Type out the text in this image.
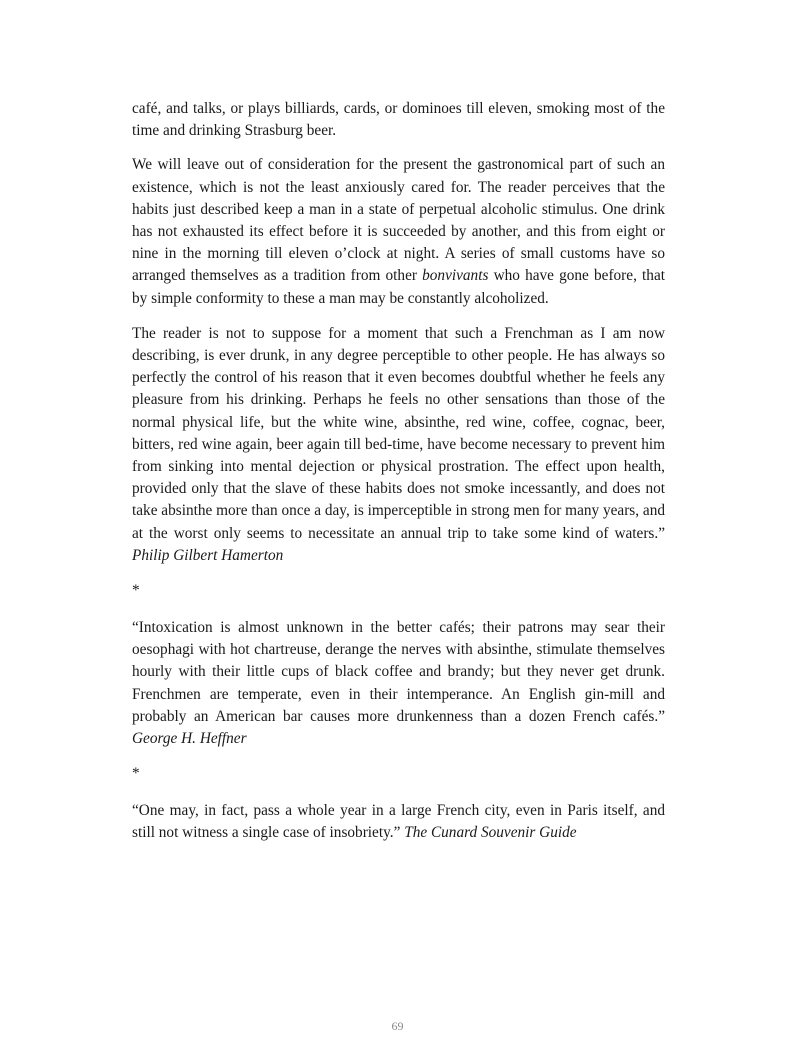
café, and talks, or plays billiards, cards, or dominoes till eleven, smoking most of the time and drinking Strasburg beer.

We will leave out of consideration for the present the gastronomical part of such an existence, which is not the least anxiously cared for. The reader perceives that the habits just described keep a man in a state of perpetual alcoholic stimulus. One drink has not exhausted its effect before it is succeeded by another, and this from eight or nine in the morning till eleven o’clock at night. A series of small customs have so arranged themselves as a tradition from other bonvivants who have gone before, that by simple conformity to these a man may be constantly alcoholized.

The reader is not to suppose for a moment that such a Frenchman as I am now describing, is ever drunk, in any degree perceptible to other people. He has always so perfectly the control of his reason that it even becomes doubtful whether he feels any pleasure from his drinking. Perhaps he feels no other sensations than those of the normal physical life, but the white wine, absinthe, red wine, coffee, cognac, beer, bitters, red wine again, beer again till bed-time, have become necessary to prevent him from sinking into mental dejection or physical prostration. The effect upon health, provided only that the slave of these habits does not smoke incessantly, and does not take absinthe more than once a day, is imperceptible in strong men for many years, and at the worst only seems to necessitate an annual trip to take some kind of waters.” Philip Gilbert Hamerton

*

“Intoxication is almost unknown in the better cafés; their patrons may sear their oesophagi with hot chartreuse, derange the nerves with absinthe, stimulate themselves hourly with their little cups of black coffee and brandy; but they never get drunk. Frenchmen are temperate, even in their intemperance. An English gin-mill and probably an American bar causes more drunkenness than a dozen French cafés.” George H. Heffner

*

“One may, in fact, pass a whole year in a large French city, even in Paris itself, and still not witness a single case of insobriety.” The Cunard Souvenir Guide

69
